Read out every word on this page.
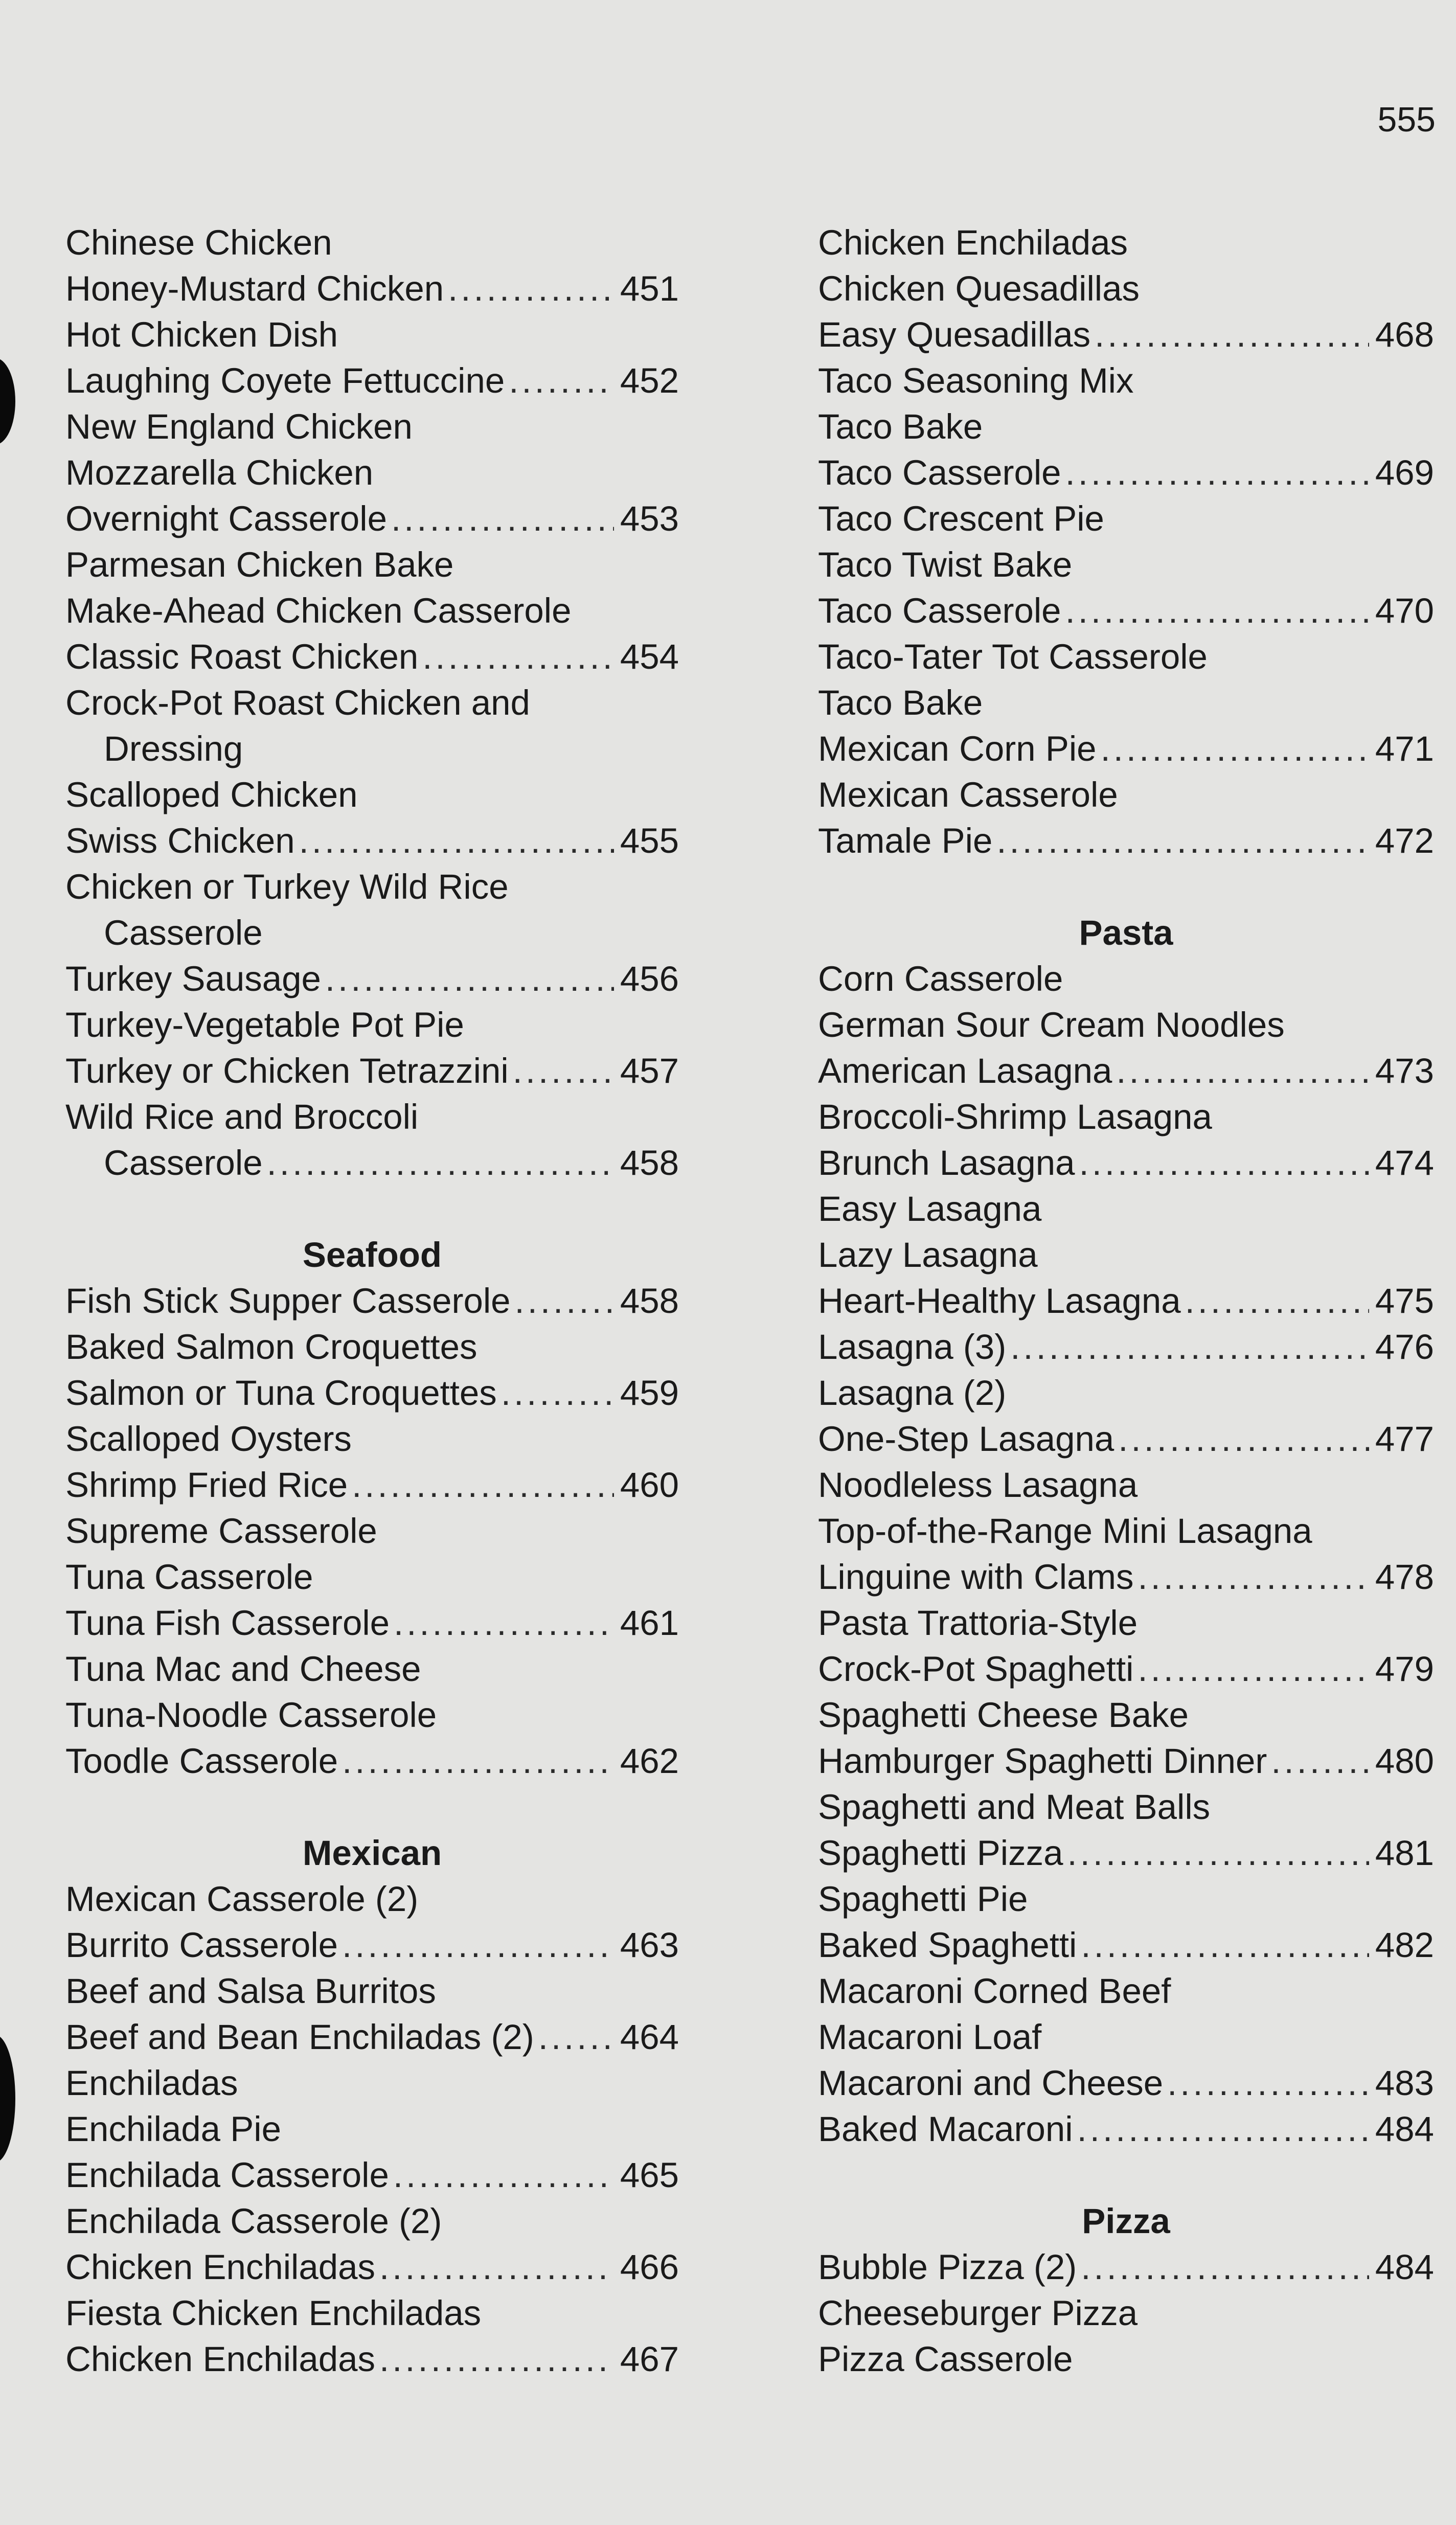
555
Chinese Chicken
Honey-Mustard Chicken .....	451
Hot Chicken Dish
Laughing Coyete Fettuccine .....	452
New England Chicken
Mozzarella Chicken
Overnight Casserole .....	453
Parmesan Chicken Bake
Make-Ahead Chicken Casserole
Classic Roast Chicken .....	454
Crock-Pot Roast Chicken and
Dressing
Scalloped Chicken
Swiss Chicken .....	455
Chicken or Turkey Wild Rice
Casserole
Turkey Sausage .....	456
Turkey-Vegetable Pot Pie
Turkey or Chicken Tetrazzini .....	457
Wild Rice and Broccoli
Casserole .....	458
Seafood
Fish Stick Supper Casserole .....	458
Baked Salmon Croquettes
Salmon or Tuna Croquettes .....	459
Scalloped Oysters
Shrimp Fried Rice .....	460
Supreme Casserole
Tuna Casserole
Tuna Fish Casserole .....	461
Tuna Mac and Cheese
Tuna-Noodle Casserole
Toodle Casserole .....	462
Mexican
Mexican Casserole (2)
Burrito Casserole .....	463
Beef and Salsa Burritos
Beef and Bean Enchiladas (2) ..... 464
Enchiladas
Enchilada Pie
Enchilada Casserole .....	465
Enchilada Casserole (2)
Chicken Enchiladas .....	466
Fiesta Chicken Enchiladas
Chicken Enchiladas .....	467
Chicken Enchiladas
Chicken Quesadillas
Easy Quesadillas .....	468
Taco Seasoning Mix
Taco Bake
Taco Casserole .....	469
Taco Crescent Pie
Taco Twist Bake
Taco Casserole .....	470
Taco-Tater Tot Casserole
Taco Bake
Mexican Corn Pie .....	471
Mexican Casserole
Tamale Pie .....	472
Pasta
Corn Casserole
German Sour Cream Noodles
American Lasagna .....	473
Broccoli-Shrimp Lasagna
Brunch Lasagna .....	474
Easy Lasagna
Lazy Lasagna
Heart-Healthy Lasagna .....	475
Lasagna (3) .....	476
Lasagna (2)
One-Step Lasagna .....	477
Noodleless Lasagna
Top-of-the-Range Mini Lasagna
Linguine with Clams .....	478
Pasta Trattoria-Style
Crock-Pot Spaghetti .....	479
Spaghetti Cheese Bake
Hamburger Spaghetti Dinner .....	480
Spaghetti and Meat Balls
Spaghetti Pizza .....	481
Spaghetti Pie
Baked Spaghetti .....	482
Macaroni Corned Beef
Macaroni Loaf
Macaroni and Cheese .....	483
Baked Macaroni .....	484
Pizza
Bubble Pizza (2) .....	484
Cheeseburger Pizza
Pizza Casserole
